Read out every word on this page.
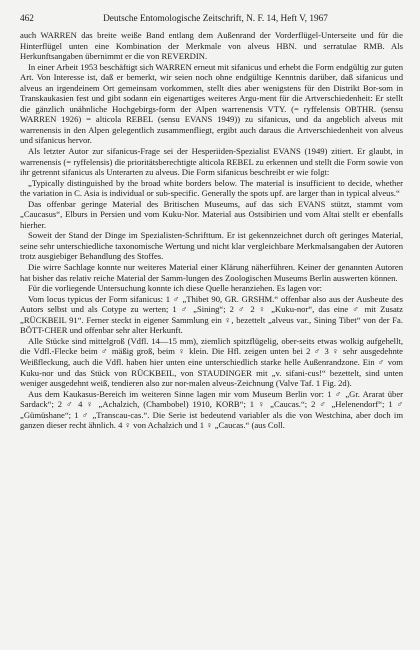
462	Deutsche Entomologische Zeitschrift, N. F. 14, Heft V, 1967

auch WARREN das breite weiße Band entlang dem Außenrand der Vorderflügel-Unterseite und für die Hinterflügel unten eine Kombination der Merkmale von alveus HBN. und serratulae RMB. Als Herkunftsangaben übernimmt er die von REVERDIN.

In einer Arbeit 1953 beschäftigt sich WARREN erneut mit sifanicus und erhebt die Form endgültig zur guten Art. Von Interesse ist, daß er bemerkt, wir seien noch ohne endgültige Kenntnis darüber, daß sifanicus und alveus an irgendeinem Ort gemeinsam vorkommen, stellt dies aber wenigstens für den Distrikt Bor-som in Transkaukasien fest und gibt sodann ein eigenartiges weiteres Argu-ment für die Artverschiedenheit: Er stellt die gänzlich unähnliche Hochgebirgs-form der Alpen warrenensis VTY. (= ryffelensis OBTHR. (sensu WARREN 1926) = alticola REBEL (sensu EVANS 1949)) zu sifanicus, und da angeblich alveus mit warrenensis in den Alpen gelegentlich zusammenfliegt, ergibt auch daraus die Artverschiedenheit von alveus und sifanicus hervor.

Als letzter Autor zur sifanicus-Frage sei der Hesperiiden-Spezialist EVANS (1949) zitiert. Er glaubt, in warrenensis (= ryffelensis) die prioritätsberechtigte alticola REBEL zu erkennen und stellt die Form sowie von ihr getrennt sifanicus als Unterarten zu alveus. Die Form sifanicus beschreibt er wie folgt:

„Typically distinguished by the broad white borders below. The material is insufficient to decide, whether the variation in C. Asia is individual or sub-specific. Generally the spots upf. are larger than in typical alveus.“

Das offenbar geringe Material des Britischen Museums, auf das sich EVANS stützt, stammt vom „Caucasus“, Elburs in Persien und vom Kuku-Nor. Material aus Ostsibirien und vom Altai stellt er ebenfalls hierher.

Soweit der Stand der Dinge im Spezialisten-Schrifttum. Er ist gekennzeichnet durch oft geringes Material, seine sehr unterschiedliche taxonomische Wertung und nicht klar vergleichbare Merkmalsangaben der Autoren trotz ausgiebiger Behandlung des Stoffes.

Die wirre Sachlage konnte nur weiteres Material einer Klärung näherführen. Keiner der genannten Autoren hat bisher das relativ reiche Material der Samm-lungen des Zoologischen Museums Berlin auswerten können.

Für die vorliegende Untersuchung konnte ich diese Quelle heranziehen. Es lagen vor:

Vom locus typicus der Form sifanicus: 1 ♂ „Thibet 90, GR. GRSHM.“ offenbar also aus der Ausbeute des Autors selbst und als Cotype zu werten; 1 ♂ „Sining“; 2 ♂ 2 ♀ „Kuku-nor“, das eine ♂ mit Zusatz „RÜCKBEIL 91“. Ferner steckt in eigener Sammlung ein ♀, bezettelt „alveus var., Sining Tibet“ von der Fa. BÖTT-CHER und offenbar sehr alter Herkunft.

Alle Stücke sind mittelgroß (Vdfl. 14—15 mm), ziemlich spitzflügelig, ober-seits etwas wolkig aufgehellt, die Vdfl.-Flecke beim ♂ mäßig groß, beim ♀ klein. Die Hfl. zeigen unten bei 2 ♂ 3 ♀ sehr ausgedehnte Weißfleckung, auch die Vdfl. haben hier unten eine unterschiedlich starke helle Außenrandzone. Ein ♂ vom Kuku-nor und das Stück von RÜCKBEIL, von STAUDINGER mit „v. sifani-cus!“ bezettelt, sind unten weniger ausgedehnt weiß, tendieren also zur nor-malen alveus-Zeichnung (Valve Taf. 1 Fig. 2d).

Aus dem Kaukasus-Bereich im weiteren Sinne lagen mir vom Museum Berlin vor: 1 ♂ „Gr. Ararat über Sardack“; 2 ♂ 4 ♀ „Achalzich, (Chambobel) 1910, KORB“; 1 ♀ „Caucas.“; 2 ♂ „Helenendorf“; 1 ♂ „Gümüshane“; 1 ♂ „Transcau-cas.“. Die Serie ist bedeutend variabler als die von Westchina, aber doch im ganzen dieser recht ähnlich. 4 ♀ von Achalzich und 1 ♀ „Caucas.“ (aus Coll.
